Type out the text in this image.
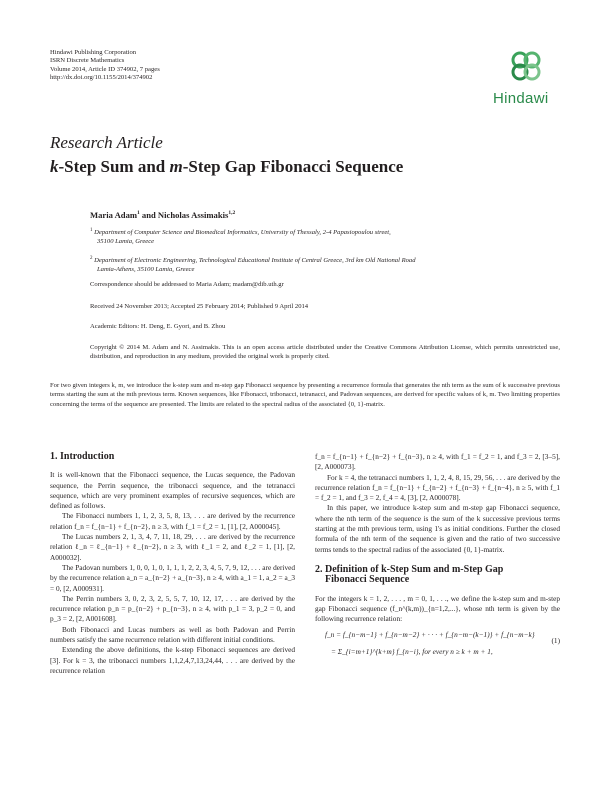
Hindawi Publishing Corporation
ISRN Discrete Mathematics
Volume 2014, Article ID 374902, 7 pages
http://dx.doi.org/10.1155/2014/374902
Hindawi
Research Article
k-Step Sum and m-Step Gap Fibonacci Sequence
Maria Adam$^1$ and Nicholas Assimakis$^{1,2}$
$^1$ Department of Computer Science and Biomedical Informatics, University of Thessaly, 2-4 Papasiopoulou street,
35100 Lamia, Greece
$^2$ Department of Electronic Engineering, Technological Educational Institute of Central Greece, 3rd km Old National Road
Lamia-Athens, 35100 Lamia, Greece
Correspondence should be addressed to Maria Adam; madam@dib.uth.gr
Received 24 November 2013; Accepted 25 February 2014; Published 9 April 2014
Academic Editors: H. Deng, E. Gyori, and B. Zhou
Copyright © 2014 M. Adam and N. Assimakis. This is an open access article distributed under the Creative Commons Attribution License, which permits unrestricted use, distribution, and reproduction in any medium, provided the original work is properly cited.
For two given integers k, m, we introduce the k-step sum and m-step gap Fibonacci sequence by presenting a recurrence formula that generates the nth term as the sum of k successive previous terms starting the sum at the mth previous term. Known sequences, like Fibonacci, tribonacci, tetranacci, and Padovan sequences, are derived for specific values of k, m. Two limiting properties concerning the terms of the sequence are presented. The limits are related to the spectral radius of the associated {0, 1}-matrix.
1. Introduction

It is well-known that the Fibonacci sequence, the Lucas sequence, the Padovan sequence, the Perrin sequence, the tribonacci sequence, and the tetranacci sequence, which are very prominent examples of recursive sequences, which are defined as follows.

The Fibonacci numbers 1, 1, 2, 3, 5, 8, 13, . . . are derived by the recurrence relation f_n = f_{n−1} + f_{n−2}, n ≥ 3, with f_1 = f_2 = 1, [1], [2, A000045].

The Lucas numbers 2, 1, 3, 4, 7, 11, 18, 29, . . . are derived by the recurrence relation ℓ_n = ℓ_{n−1} + ℓ_{n−2}, n ≥ 3, with ℓ_1 = 2, and ℓ_2 = 1, [1], [2, A000032].

The Padovan numbers 1, 0, 0, 1, 0, 1, 1, 1, 2, 2, 3, 4, 5, 7, 9, 12, . . . are derived by the recurrence relation a_n = a_{n−2} + a_{n−3}, n ≥ 4, with a_1 = 1, a_2 = a_3 = 0, [2, A000931].

The Perrin numbers 3, 0, 2, 3, 2, 5, 5, 7, 10, 12, 17, . . . are derived by the recurrence relation p_n = p_{n−2} + p_{n−3}, n ≥ 4, with p_1 = 3, p_2 = 0, and p_3 = 2, [2, A001608].

Both Fibonacci and Lucas numbers as well as both Padovan and Perrin numbers satisfy the same recurrence relation with different initial conditions.

Extending the above definitions, the k-step Fibonacci sequences are derived [3]. For k = 3, the tribonacci numbers 1,1,2,4,7,13,24,44, . . . are derived by the recurrence relation

f_n = f_{n−1} + f_{n−2} + f_{n−3}, n ≥ 4, with f_1 = f_2 = 1, and f_3 = 2, [3–5], [2, A000073].

For k = 4, the tetranacci numbers 1, 1, 2, 4, 8, 15, 29, 56, . . . are derived by the recurrence relation f_n = f_{n−1} + f_{n−2} + f_{n−3} + f_{n−4}, n ≥ 5, with f_1 = f_2 = 1, and f_3 = 2, f_4 = 4, [3], [2, A000078].

In this paper, we introduce k-step sum and m-step gap Fibonacci sequence, where the nth term of the sequence is the sum of the k successive previous terms starting at the mth previous term, using 1's as initial conditions. Further the closed formula of the nth term of the sequence is given and the ratio of two successive terms tends to the spectral radius of the associated {0, 1}-matrix.

2. Definition of k-Step Sum and m-Step Gap
Fibonacci Sequence

For the integers k = 1, 2, . . . , m = 0, 1, . . ., we define the k-step sum and m-step gap Fibonacci sequence (f_n^(k,m))_{n=1,2,...}, whose nth term is given by the following recurrence relation:

f_n = f_{n−m−1} + f_{n−m−2} + · · · + f_{n−m−(k−1)} + f_{n−m−k}
= Σ_{i=m+1}^{k+m} f_{n−i}, for every n ≥ k + m + 1,
(1)
